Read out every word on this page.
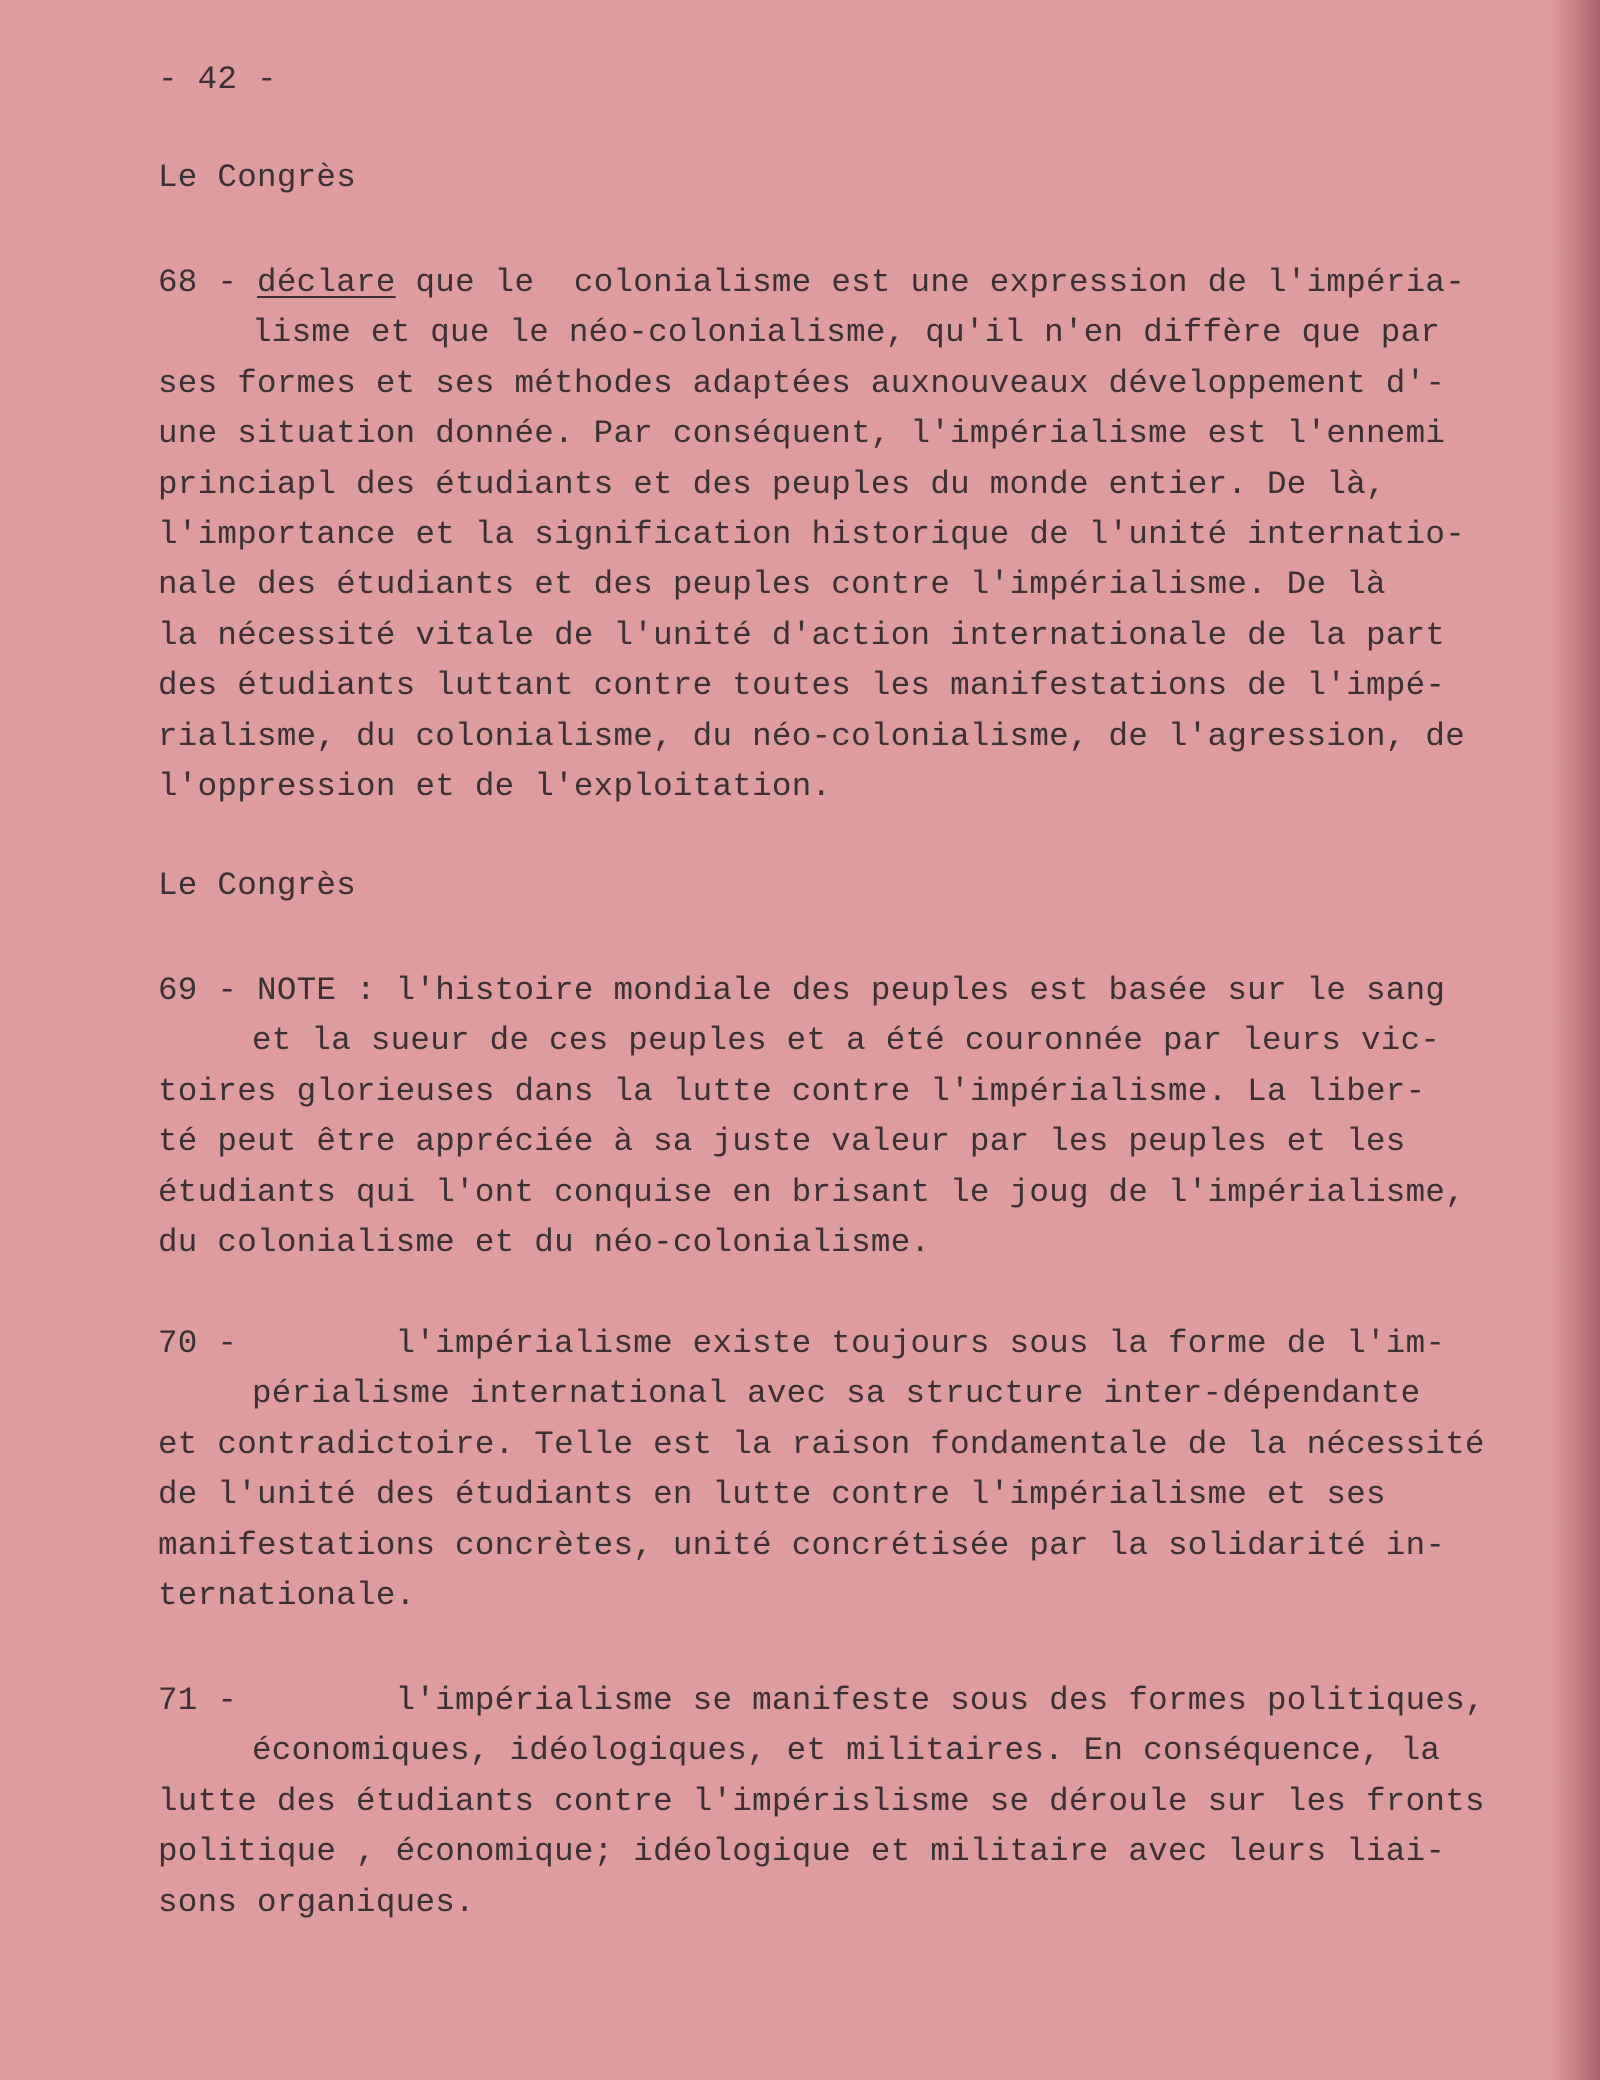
- 42 -
Le Congrès
68 - déclare que le  colonialisme est une expression de l'impéria-
lisme et que le néo-colonialisme, qu'il n'en diffère que par
ses formes et ses méthodes adaptées auxnouveaux développement d'-
une situation donnée. Par conséquent, l'impérialisme est l'ennemi
princiapl des étudiants et des peuples du monde entier. De là,
l'importance et la signification historique de l'unité internatio-
nale des étudiants et des peuples contre l'impérialisme. De là
la nécessité vitale de l'unité d'action internationale de la part
des étudiants luttant contre toutes les manifestations de l'impé-
rialisme, du colonialisme, du néo-colonialisme, de l'agression, de
l'oppression et de l'exploitation.
Le Congrès
69 - NOTE : l'histoire mondiale des peuples est basée sur le sang
et la sueur de ces peuples et a été couronnée par leurs vic-
toires glorieuses dans la lutte contre l'impérialisme. La liber-
té peut être appréciée à sa juste valeur par les peuples et les
étudiants qui l'ont conquise en brisant le joug de l'impérialisme,
du colonialisme et du néo-colonialisme.
70 -        l'impérialisme existe toujours sous la forme de l'im-
périalisme international avec sa structure inter-dépendante
et contradictoire. Telle est la raison fondamentale de la nécessité
de l'unité des étudiants en lutte contre l'impérialisme et ses
manifestations concrètes, unité concrétisée par la solidarité in-
ternationale.
71 -        l'impérialisme se manifeste sous des formes politiques,
économiques, idéologiques, et militaires. En conséquence, la
lutte des étudiants contre l'impérislisme se déroule sur les fronts
politique , économique; idéologique et militaire avec leurs liai-
sons organiques.
